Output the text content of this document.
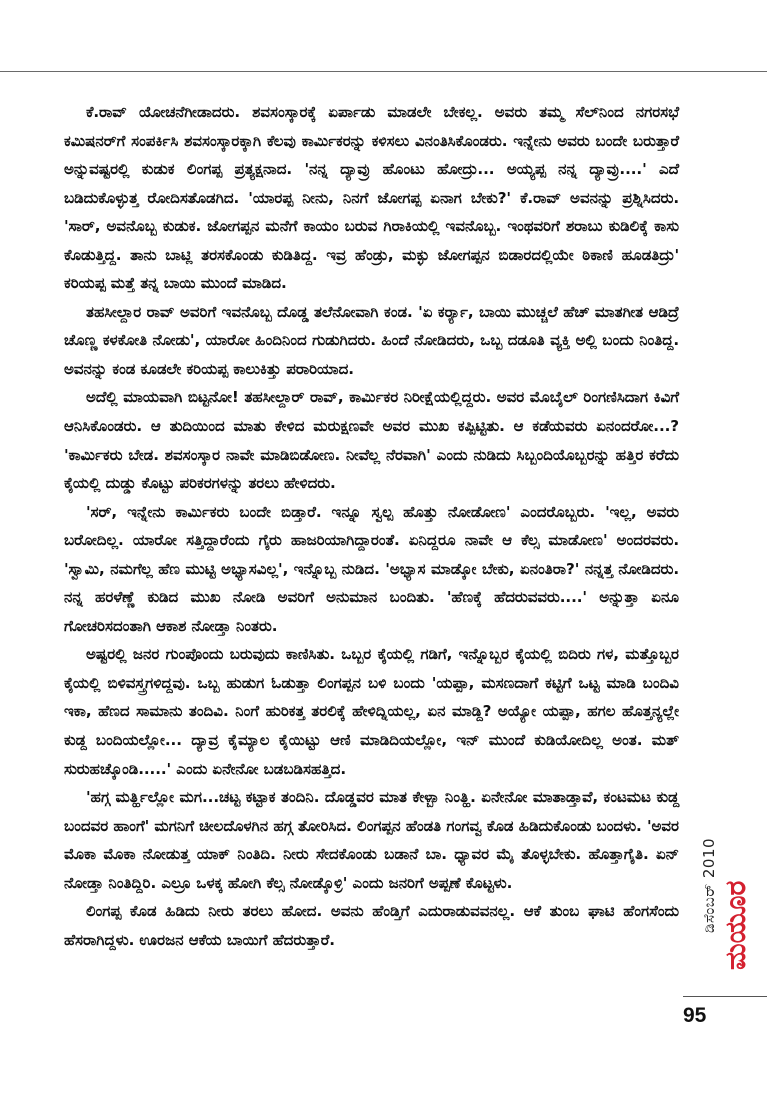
ಕೆ.ರಾವ್ ಯೋಚನೆಗೀಡಾದರು. ಶವಸಂಸ್ಕಾರಕ್ಕೆ ಏರ್ಪಾಡು ಮಾಡಲೇ ಬೇಕಲ್ಲ. ಅವರು ತಮ್ಮ ಸೆಲ್‌ನಿಂದ ನಗರಸಭೆ ಕಮಿಷನರ್‌ಗೆ ಸಂಪರ್ಕಿಸಿ ಶವಸಂಸ್ಕಾರಕ್ಕಾಗಿ ಕೆಲವು ಕಾರ್ಮಿಕರನ್ನು ಕಳಿಸಲು ವಿನಂತಿಸಿಕೊಂಡರು. ಇನ್ನೇನು ಅವರು ಬಂದೇ ಬರುತ್ತಾರೆ ಅನ್ನುವಷ್ಟರಲ್ಲಿ ಕುಡುಕ ಲಿಂಗಪ್ಪ ಪ್ರತ್ಯಕ್ಷನಾದ. 'ನನ್ನ ದ್ಯಾವ್ರು ಹೊಂಟು ಹೋದ್ರು... ಅಯ್ಯಪ್ಪ ನನ್ನ ದ್ಯಾವ್ರು....' ಎದೆ ಬಡಿದುಕೊಳ್ಳುತ್ತ ರೋದಿಸತೊಡಗಿದ. 'ಯಾರಪ್ಪ ನೀನು, ನಿನಗೆ ಜೋಗಪ್ಪ ಏನಾಗ ಬೇಕು?' ಕೆ.ರಾವ್ ಅವನನ್ನು ಪ್ರಶ್ನಿಸಿದರು. 'ಸಾರ್, ಅವನೊಬ್ಬ ಕುಡುಕ. ಜೋಗಪ್ಪನ ಮನೆಗೆ ಕಾಯಂ ಬರುವ ಗಿರಾಕಿಯಲ್ಲಿ ಇವನೊಬ್ಬ. ಇಂಥವರಿಗೆ ಶರಾಬು ಕುಡಿಲಿಕ್ಕೆ ಕಾಸು ಕೊಡುತ್ತಿದ್ದ. ತಾನು ಬಾಟ್ಲಿ ತರಸಕೊಂಡು ಕುಡಿತಿದ್ದ. ಇವ್ರ ಹೆಂಡ್ರು, ಮಕ್ಳು ಜೋಗಪ್ಪನ ಬಿಡಾರದಲ್ಲಿಯೇ ಠಿಕಾಣಿ ಹೂಡತಿದ್ರು' ಕರಿಯಪ್ಪ ಮತ್ತೆ ತನ್ನ ಬಾಯಿ ಮುಂದೆ ಮಾಡಿದ.

ತಹಸೀಲ್ದಾರ ರಾವ್ ಅವರಿಗೆ ಇವನೊಬ್ಬ ದೊಡ್ಡ ತಲೆನೋವಾಗಿ ಕಂಡ. 'ಏ ಕರ್ರ್ಯಾ, ಬಾಯಿ ಮುಚ್ಚಲೆ ಹೆಚ್ ಮಾತಗೀತ ಆಡಿದ್ರೆ ಚೊಣ್ಣ ಕಳಕೋತಿ ನೋಡು', ಯಾರೋ ಹಿಂದಿನಿಂದ ಗುಡುಗಿದರು. ಹಿಂದೆ ನೋಡಿದರು, ಒಬ್ಬ ದಡೂತಿ ವ್ಯಕ್ತಿ ಅಲ್ಲಿ ಬಂದು ನಿಂತಿದ್ದ. ಅವನನ್ನು ಕಂಡ ಕೂಡಲೇ ಕರಿಯಪ್ಪ ಕಾಲುಕಿತ್ತು ಪರಾರಿಯಾದ.

ಅದೆಲ್ಲಿ ಮಾಯವಾಗಿ ಬಿಟ್ಟನೋ! ತಹಸೀಲ್ದಾರ್ ರಾವ್, ಕಾರ್ಮಿಕರ ನಿರೀಕ್ಷೆಯಲ್ಲಿದ್ದರು. ಅವರ ಮೊಬೈಲ್ ರಿಂಗಣಿಸಿದಾಗ ಕಿವಿಗೆ ಆನಿಸಿಕೊಂಡರು. ಆ ತುದಿಯಿಂದ ಮಾತು ಕೇಳಿದ ಮರುಕ್ಷಣವೇ ಅವರ ಮುಖ ಕಪ್ಪಿಟ್ಟಿತು. ಆ ಕಡೆಯವರು ಏನಂದರೋ...? 'ಕಾರ್ಮಿಕರು ಬೇಡ. ಶವಸಂಸ್ಕಾರ ನಾವೇ ಮಾಡಿಬಿಡೋಣ. ನೀವೆಲ್ಲ ನೆರವಾಗಿ' ಎಂದು ನುಡಿದು ಸಿಬ್ಬಂದಿಯೊಬ್ಬರನ್ನು ಹತ್ತಿರ ಕರೆದು ಕೈಯಲ್ಲಿ ದುಡ್ಡು ಕೊಟ್ಟು ಪರಿಕರಗಳನ್ನು ತರಲು ಹೇಳಿದರು.

'ಸರ್, ಇನ್ನೇನು ಕಾರ್ಮಿಕರು ಬಂದೇ ಬಿಡ್ತಾರೆ. ಇನ್ನೂ ಸ್ವಲ್ಪ ಹೊತ್ತು ನೋಡೋಣ' ಎಂದರೊಬ್ಬರು. 'ಇಲ್ಲ, ಅವರು ಬರೋದಿಲ್ಲ. ಯಾರೋ ಸತ್ತಿದ್ದಾರೆಂದು ಗೈರು ಹಾಜರಿಯಾಗಿದ್ದಾರಂತೆ. ಏನಿದ್ದರೂ ನಾವೇ ಆ ಕೆಲ್ಸ ಮಾಡೋಣ' ಅಂದರವರು. 'ಸ್ವಾಮಿ, ನಮಗೆಲ್ಲ ಹೆಣ ಮುಟ್ಟಿ ಅಭ್ಯಾಸವಿಲ್ಲ', ಇನ್ನೊಬ್ಬ ನುಡಿದ. 'ಅಭ್ಯಾಸ ಮಾಡ್ಕೋ ಬೇಕು, ಏನಂತಿರಾ?' ನನ್ನತ್ತ ನೋಡಿದರು. ನನ್ನ ಹರಳೆಣ್ಣೆ ಕುಡಿದ ಮುಖ ನೋಡಿ ಅವರಿಗೆ ಅನುಮಾನ ಬಂದಿತು. 'ಹೆಣಕ್ಕೆ ಹೆದರುವವರು....' ಅನ್ನುತ್ತಾ ಏನೂ ಗೋಚರಿಸದಂತಾಗಿ ಆಕಾಶ ನೋಡ್ತಾ ನಿಂತರು.

ಅಷ್ಟರಲ್ಲಿ ಜನರ ಗುಂಪೊಂದು ಬರುವುದು ಕಾಣಿಸಿತು. ಒಬ್ಬರ ಕೈಯಲ್ಲಿ ಗಡಿಗೆ, ಇನ್ನೊಬ್ಬರ ಕೈಯಲ್ಲಿ ಬಿದಿರು ಗಳ, ಮತ್ತೊಬ್ಬರ ಕೈಯಲ್ಲಿ ಬಿಳಿವಸ್ತ್ರಗಳಿದ್ದವು. ಒಬ್ಬ ಹುಡುಗ ಓಡುತ್ತಾ ಲಿಂಗಪ್ಪನ ಬಳಿ ಬಂದು 'ಯಪ್ಪಾ, ಮಸಣದಾಗೆ ಕಟ್ಟಿಗೆ ಒಟ್ಟ ಮಾಡಿ ಬಂದಿವಿ ಇಕಾ, ಹೆಣದ ಸಾಮಾನು ತಂದಿವಿ. ನಿಂಗೆ ಹುರಿಕತ್ತ ತರಲಿಕ್ಕೆ ಹೇಳಿದ್ನಿಯಲ್ಲ, ಏನ ಮಾಡ್ದಿ? ಅಯ್ಯೋ ಯಪ್ಪಾ, ಹಗಲ ಹೊತ್ತನ್ಯಲ್ಲೇ ಕುಡ್ದ ಬಂದಿಯಲ್ಲೋ... ದ್ಯಾವ್ರ ಕೈಮ್ಯಾಲ ಕೈಯಿಟ್ಟು ಆಣಿ ಮಾಡಿದಿಯಲ್ಲೋ, ಇನ್ ಮುಂದೆ ಕುಡಿಯೋದಿಲ್ಲ ಅಂತ. ಮತ್ ಸುರುಹಚ್ಕೊಂಡಿ.....' ಎಂದು ಏನೇನೋ ಬಡಬಡಿಸಹತ್ತಿದ.

'ಹಗ್ಗ ಮರ್ತ್ಹಿಲ್ಲೋ ಮಗ...ಚಟ್ಟ ಕಟ್ಟಾಕ ತಂದಿನಿ. ದೊಡ್ಡವರ ಮಾತ ಕೇಳ್ಬಾ ನಿಂತ್ಹಿ. ಏನೇನೋ ಮಾತಾಡ್ತಾವೆ, ಕಂಟಮಟ ಕುಡ್ದ ಬಂದವರ ಹಾಂಗೆ' ಮಗನಿಗೆ ಚೀಲದೊಳಗಿನ ಹಗ್ಗ ತೋರಿಸಿದ. ಲಿಂಗಪ್ಪನ ಹೆಂಡತಿ ಗಂಗವ್ವ ಕೊಡ ಹಿಡಿದುಕೊಂಡು ಬಂದಳು. 'ಅವರ ಮೊಕಾ ಮೊಕಾ ನೋಡುತ್ತ ಯಾಕ್ ನಿಂತಿದಿ. ನೀರು ಸೇದಕೊಂಡು ಬಡಾನೆ ಬಾ. ಧ್ಯಾವರ ಮೈ ತೊಳ್ಳಬೇಕು. ಹೊತ್ತಾಗೈತಿ. ಏನ್ ನೋಡ್ತಾ ನಿಂತಿದ್ದಿರಿ. ಎಲ್ರೂ ಒಳಕ್ಕ ಹೋಗಿ ಕೆಲ್ಸ ನೋಡ್ಕೊಳ್ರಿ' ಎಂದು ಜನರಿಗೆ ಅಪ್ಪಣೆ ಕೊಟ್ಟಳು.

ಲಿಂಗಪ್ಪ ಕೊಡ ಹಿಡಿದು ನೀರು ತರಲು ಹೋದ. ಅವನು ಹೆಂಡ್ತಿಗೆ ಎದುರಾಡುವವನಲ್ಲ. ಆಕೆ ತುಂಬ ಘಾಟಿ ಹೆಂಗಸೆಂದು ಹೆಸರಾಗಿದ್ದಳು. ಊರಜನ ಆಕೆಯ ಬಾಯಿಗೆ ಹೆದರುತ್ತಾರೆ.

ಡಿಸೆಂಬರ್ 2010 ಮಯೂರ
95
